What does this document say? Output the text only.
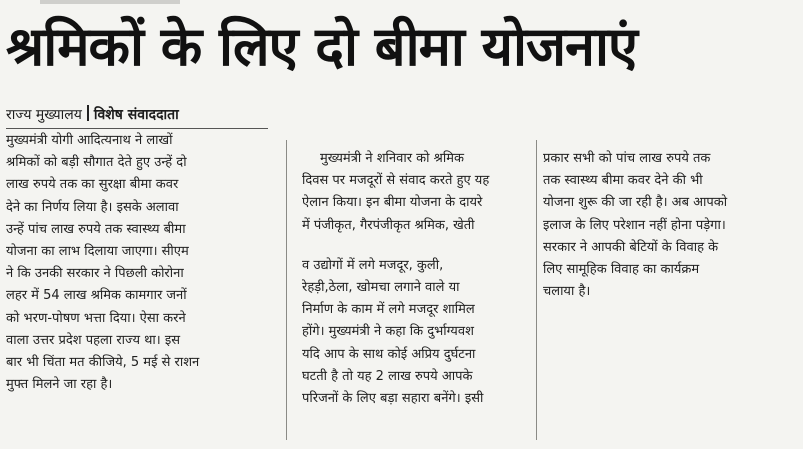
श्रमिकों के लिए दो बीमा योजनाएं
राज्य मुख्यालय विशेष संवाददाता
मुख्यमंत्री योगी आदित्यनाथ ने लाखों
श्रमिकों को बड़ी सौगात देते हुए उन्हें दो
लाख रुपये तक का सुरक्षा बीमा कवर
देने का निर्णय लिया है। इसके अलावा
उन्हें पांच लाख रुपये तक स्वास्थ्य बीमा
योजना का लाभ दिलाया जाएगा। सीएम
ने कि उनकी सरकार ने पिछली कोरोना
लहर में 54 लाख श्रमिक कामगार जनों
को भरण-पोषण भत्ता दिया। ऐसा करने
वाला उत्तर प्रदेश पहला राज्य था। इस
बार भी चिंता मत कीजिये, 5 मई से राशन
मुफ्त मिलने जा रहा है।
मुख्यमंत्री ने शनिवार को श्रमिक
दिवस पर मजदूरों से संवाद करते हुए यह
ऐलान किया। इन बीमा योजना के दायरे
में पंजीकृत, गैरपंजीकृत श्रमिक, खेती
व उद्योगों में लगे मजदूर, कुली,
रेहड़ी,ठेला, खोमचा लगाने वाले या
निर्माण के काम में लगे मजदूर शामिल
होंगे। मुख्यमंत्री ने कहा कि दुर्भाग्यवश
यदि आप के साथ कोई अप्रिय दुर्घटना
घटती है तो यह 2 लाख रुपये आपके
परिजनों के लिए बड़ा सहारा बनेंगे। इसी
प्रकार सभी को पांच लाख रुपये तक
तक स्वास्थ्य बीमा कवर देने की भी
योजना शुरू की जा रही है। अब आपको
इलाज के लिए परेशान नहीं होना पड़ेगा।
सरकार ने आपकी बेटियों के विवाह के
लिए सामूहिक विवाह का कार्यक्रम
चलाया है।
